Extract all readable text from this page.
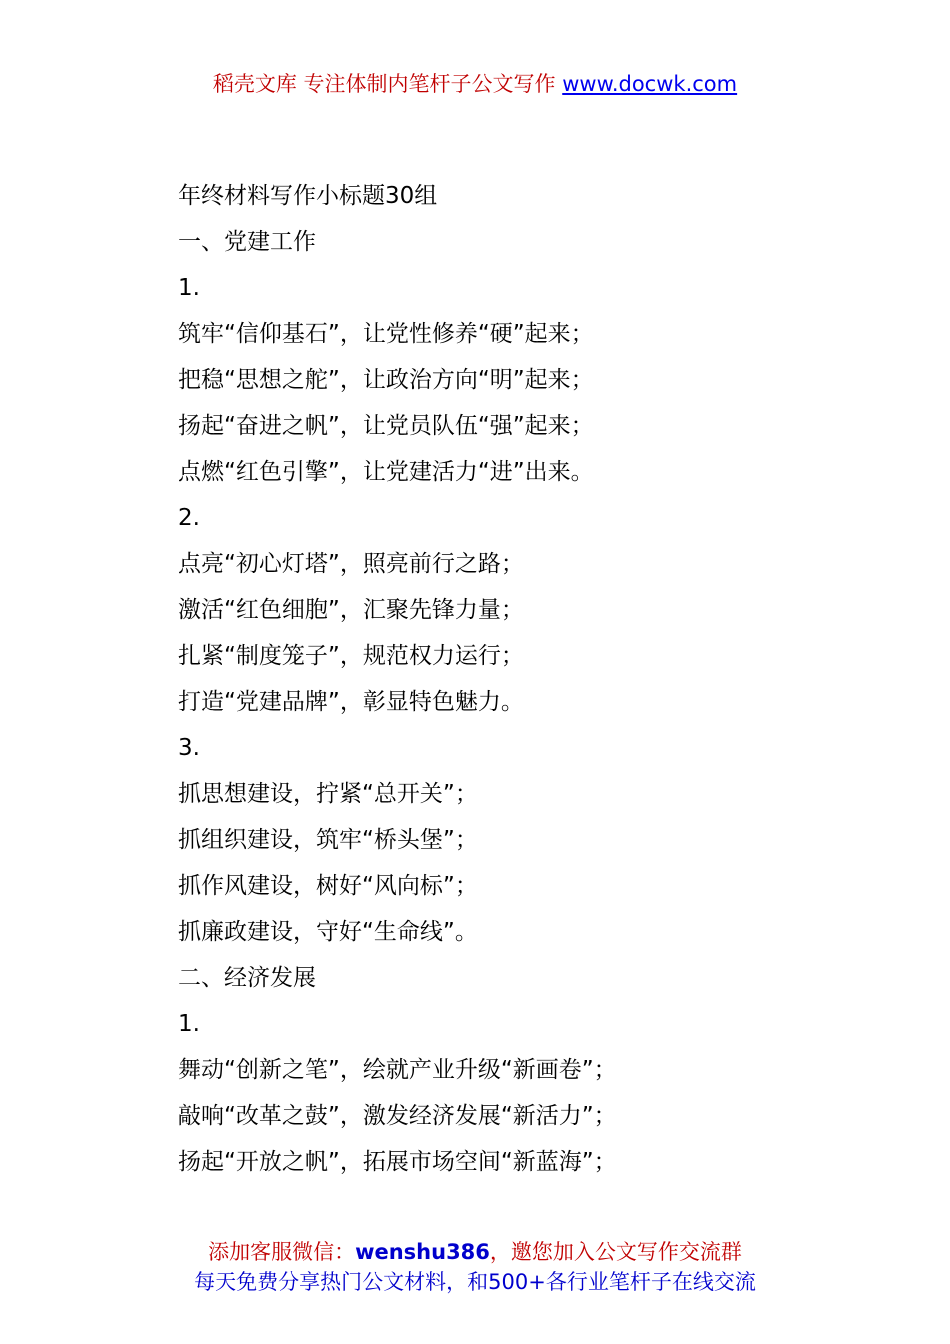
稻壳文库 专注体制内笔杆子公文写作 www.docwk.com
年终材料写作小标题30组
一、党建工作
1.
筑牢“信仰基石”，让党性修养“硬”起来；
把稳“思想之舵”，让政治方向“明”起来；
扬起“奋进之帆”，让党员队伍“强”起来；
点燃“红色引擎”，让党建活力“进”出来。
2.
点亮“初心灯塔”，照亮前行之路；
激活“红色细胞”，汇聚先锋力量；
扎紧“制度笼子”，规范权力运行；
打造“党建品牌”，彰显特色魅力。
3.
抓思想建设，拧紧“总开关”；
抓组织建设，筑牢“桥头堡”；
抓作风建设，树好“风向标”；
抓廉政建设，守好“生命线”。
二、经济发展
1.
舞动“创新之笔”，绘就产业升级“新画卷”；
敲响“改革之鼓”，激发经济发展“新活力”；
扬起“开放之帆”，拓展市场空间“新蓝海”；
添加客服微信：wenshu386，邀您加入公文写作交流群
每天免费分享热门公文材料，和500+各行业笔杆子在线交流
